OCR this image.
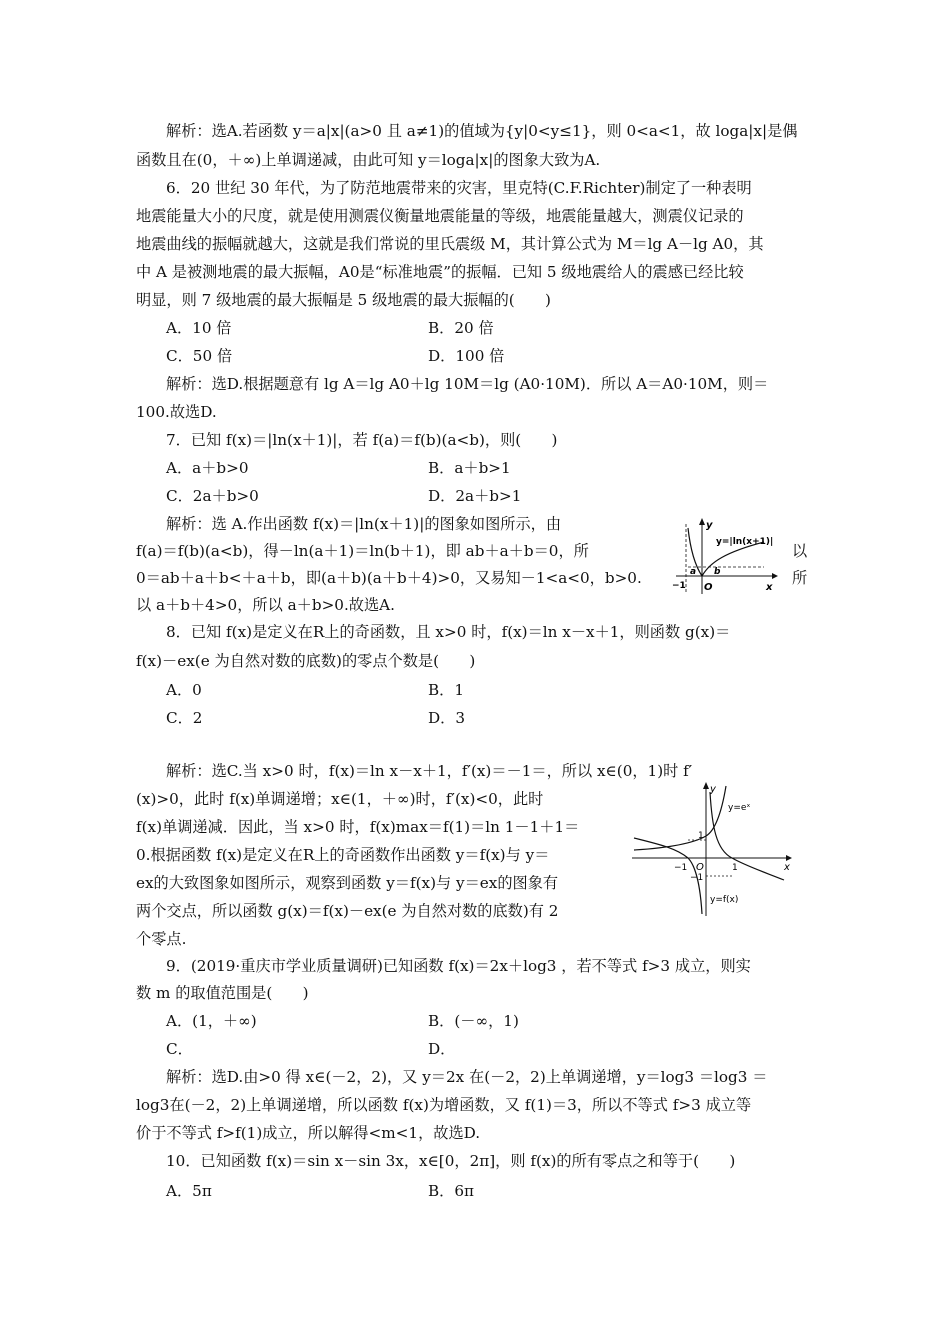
解析：选A.若函数 y＝a|x|(a>0 且 a≠1)的值域为{y|0<y≤1}，则 0<a<1，故 loga|x|是偶
函数且在(0，＋∞)上单调递减，由此可知 y＝loga|x|的图象大致为A.
6．20 世纪 30 年代，为了防范地震带来的灾害，里克特(C.F.Richter)制定了一种表明
地震能量大小的尺度，就是使用测震仪衡量地震能量的等级，地震能量越大，测震仪记录的
地震曲线的振幅就越大，这就是我们常说的里氏震级 M，其计算公式为 M＝lg A－lg A0，其
中 A 是被测地震的最大振幅，A0是“标准地震”的振幅．已知 5 级地震给人的震感已经比较
明显，则 7 级地震的最大振幅是 5 级地震的最大振幅的(　　)
A．10 倍	B．20 倍
C．50 倍	D．100 倍
解析：选D.根据题意有 lg A＝lg A0＋lg 10M＝lg (A0·10M)．所以 A＝A0·10M，则＝
100.故选D.
7．已知 f(x)＝|ln(x＋1)|，若 f(a)＝f(b)(a<b)，则(　　)
A．a＋b>0	B．a＋b>1
C．2a＋b>0	D．2a＋b>1
解析：选 A.作出函数 f(x)＝|ln(x＋1)|的图象如图所示，由
f(a)＝f(b)(a<b)，得－ln(a＋1)＝ln(b＋1)，即 ab＋a＋b＝0，所	以
0＝ab＋a＋b<＋a＋b，即(a＋b)(a＋b＋4)>0，又易知－1<a<0，b>0.	所
以 a＋b＋4>0，所以 a＋b>0.故选A.
y
x
O
y=|ln(x+1)|
−1
a b
8．已知 f(x)是定义在R上的奇函数，且 x>0 时，f(x)＝ln x－x＋1，则函数 g(x)＝
f(x)－ex(e 为自然对数的底数)的零点个数是(　　)
A．0	B．1
C．2	D．3
解析：选C.当 x>0 时，f(x)＝ln x－x＋1，f′(x)＝－1＝，所以 x∈(0，1)时 f′
(x)>0，此时 f(x)单调递增；x∈(1，＋∞)时，f′(x)<0，此时
f(x)单调递减．因此，当 x>0 时，f(x)max＝f(1)＝ln 1－1＋1＝
0.根据函数 f(x)是定义在R上的奇函数作出函数 y＝f(x)与 y＝
ex的大致图象如图所示，观察到函数 y＝f(x)与 y＝ex的图象有
两个交点，所以函数 g(x)＝f(x)－ex(e 为自然对数的底数)有 2
个零点.
y
x
O
y=eˣ
y=f(x)
1
−1	1
−1
9．(2019·重庆市学业质量调研)已知函数 f(x)＝2x＋log3 ，若不等式 f>3 成立，则实
数 m 的取值范围是(　　)
A．(1，＋∞)	B．(－∞，1)
C．	D．
解析：选D.由>0 得 x∈(－2，2)，又 y＝2x 在(－2，2)上单调递增，y＝log3 ＝log3 ＝
log3在(－2，2)上单调递增，所以函数 f(x)为增函数，又 f(1)＝3，所以不等式 f>3 成立等
价于不等式 f>f(1)成立，所以解得<m<1，故选D.
10．已知函数 f(x)＝sin x－sin 3x，x∈[0，2π]，则 f(x)的所有零点之和等于(　　)
A．5π	B．6π
